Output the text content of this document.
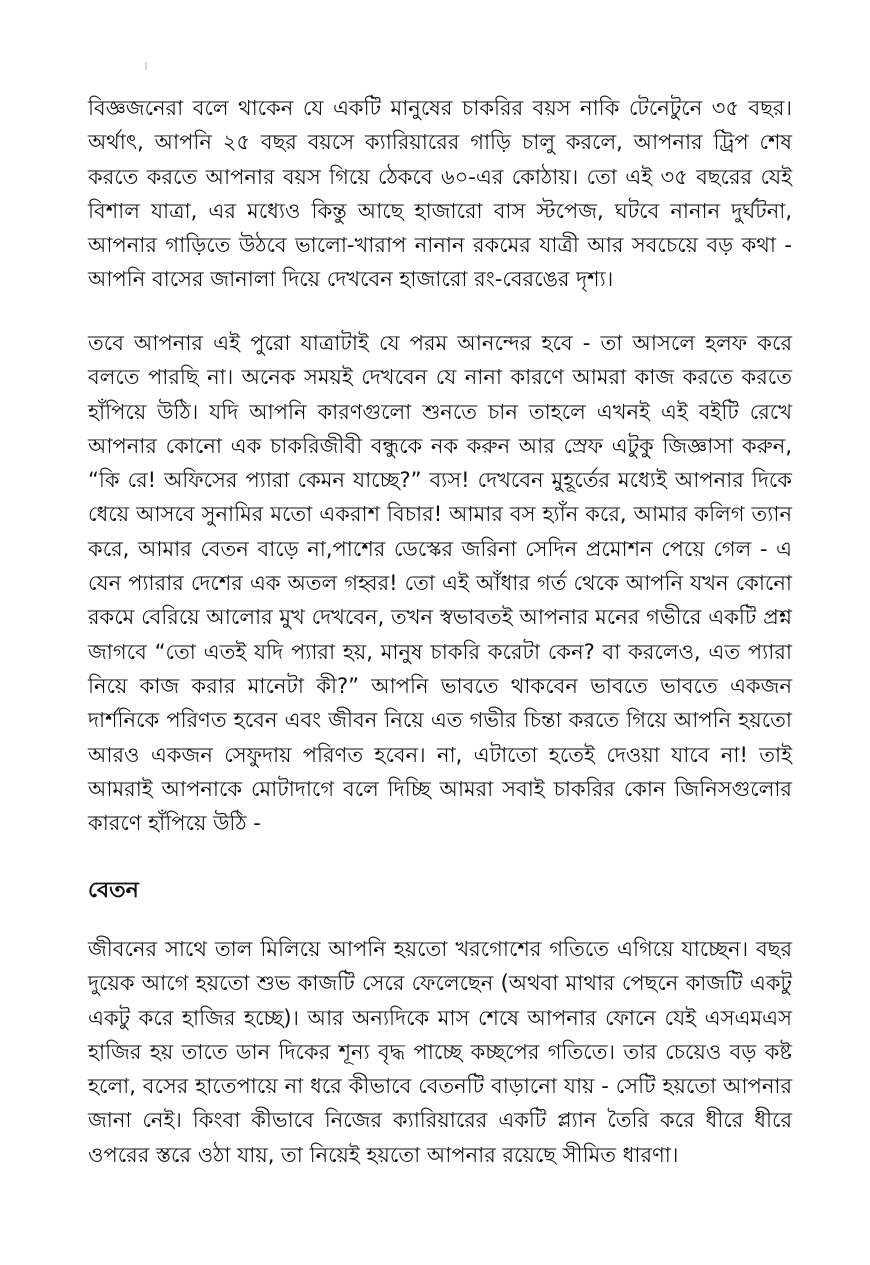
বিজ্ঞজনেরা বলে থাকেন যে একটি মানুষের চাকরির বয়স নাকি টেনেটুনে ৩৫ বছর। অর্থাৎ, আপনি ২৫ বছর বয়সে ক্যারিয়ারের গাড়ি চালু করলে, আপনার ট্রিপ শেষ করতে করতে আপনার বয়স গিয়ে ঠেকবে ৬০-এর কোঠায়। তো এই ৩৫ বছরের যেই বিশাল যাত্রা, এর মধ্যেও কিন্তু আছে হাজারো বাস স্টপেজ, ঘটবে নানান দুর্ঘটনা, আপনার গাড়িতে উঠবে ভালো-খারাপ নানান রকমের যাত্রী আর সবচেয়ে বড় কথা - আপনি বাসের জানালা দিয়ে দেখবেন হাজারো রং-বেরঙের দৃশ্য।

তবে আপনার এই পুরো যাত্রাটাই যে পরম আনন্দের হবে - তা আসলে হলফ করে বলতে পারছি না। অনেক সময়ই দেখবেন যে নানা কারণে আমরা কাজ করতে করতে হাঁপিয়ে উঠি। যদি আপনি কারণগুলো শুনতে চান তাহলে এখনই এই বইটি রেখে আপনার কোনো এক চাকরিজীবী বন্ধুকে নক করুন আর স্রেফ এটুকু জিজ্ঞাসা করুন, “কি রে! অফিসের প্যারা কেমন যাচ্ছে?” ব্যস! দেখবেন মুহূর্তের মধ্যেই আপনার দিকে ধেয়ে আসবে সুনামির মতো একরাশ বিচার! আমার বস হ্যাঁন করে, আমার কলিগ ত্যান করে, আমার বেতন বাড়ে না,পাশের ডেস্কের জরিনা সেদিন প্রমোশন পেয়ে গেল - এ যেন প্যারার দেশের এক অতল গহ্বর! তো এই আঁধার গর্ত থেকে আপনি যখন কোনো রকমে বেরিয়ে আলোর মুখ দেখবেন, তখন স্বভাবতই আপনার মনের গভীরে একটি প্রশ্ন জাগবে “তো এতই যদি প্যারা হয়, মানুষ চাকরি করেটা কেন? বা করলেও, এত প্যারা নিয়ে কাজ করার মানেটা কী?” আপনি ভাবতে থাকবেন ভাবতে ভাবতে একজন দার্শনিকে পরিণত হবেন এবং জীবন নিয়ে এত গভীর চিন্তা করতে গিয়ে আপনি হয়তো আরও একজন সেফুদায় পরিণত হবেন। না, এটাতো হতেই দেওয়া যাবে না! তাই আমরাই আপনাকে মোটাদাগে বলে দিচ্ছি আমরা সবাই চাকরির কোন জিনিসগুলোর কারণে হাঁপিয়ে উঠি -

বেতন

জীবনের সাথে তাল মিলিয়ে আপনি হয়তো খরগোশের গতিতে এগিয়ে যাচ্ছেন। বছর দুয়েক আগে হয়তো শুভ কাজটি সেরে ফেলেছেন (অথবা মাথার পেছনে কাজটি একটু একটু করে হাজির হচ্ছে)। আর অন্যদিকে মাস শেষে আপনার ফোনে যেই এসএমএস হাজির হয় তাতে ডান দিকের শূন্য বৃদ্ধ পাচ্ছে কচ্ছপের গতিতে। তার চেয়েও বড় কষ্ট হলো, বসের হাতেপায়ে না ধরে কীভাবে বেতনটি বাড়ানো যায় - সেটি হয়তো আপনার জানা নেই। কিংবা কীভাবে নিজের ক্যারিয়ারের একটি প্ল্যান তৈরি করে ধীরে ধীরে ওপরের স্তরে ওঠা যায়, তা নিয়েই হয়তো আপনার রয়েছে সীমিত ধারণা।
